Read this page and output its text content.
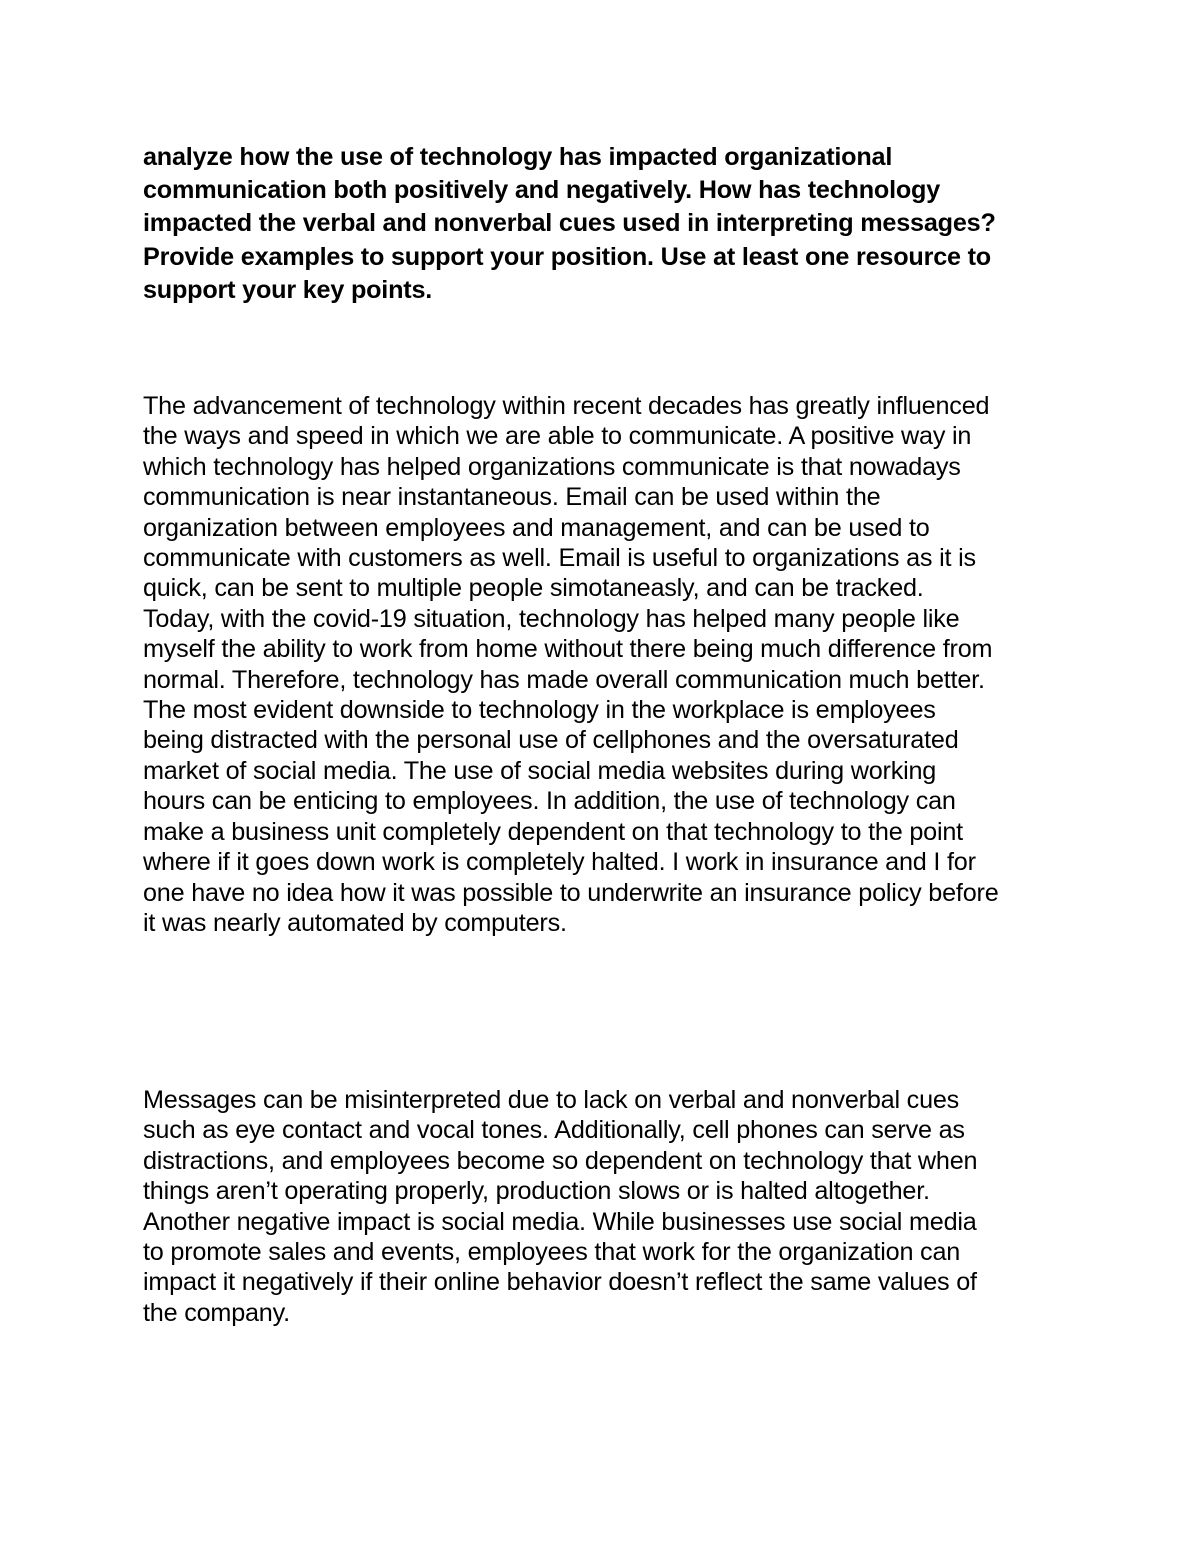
analyze how the use of technology has impacted organizational
communication both positively and negatively. How has technology
impacted the verbal and nonverbal cues used in interpreting messages?
Provide examples to support your position. Use at least one resource to
support your key points.

The advancement of technology within recent decades has greatly influenced
the ways and speed in which we are able to communicate. A positive way in
which technology has helped organizations communicate is that nowadays
communication is near instantaneous. Email can be used within the
organization between employees and management, and can be used to
communicate with customers as well. Email is useful to organizations as it is
quick, can be sent to multiple people simotaneasly, and can be tracked.
Today, with the covid-19 situation, technology has helped many people like
myself the ability to work from home without there being much difference from
normal. Therefore, technology has made overall communication much better.
The most evident downside to technology in the workplace is employees
being distracted with the personal use of cellphones and the oversaturated
market of social media. The use of social media websites during working
hours can be enticing to employees. In addition, the use of technology can
make a business unit completely dependent on that technology to the point
where if it goes down work is completely halted. I work in insurance and I for
one have no idea how it was possible to underwrite an insurance policy before
it was nearly automated by computers.

Messages can be misinterpreted due to lack on verbal and nonverbal cues
such as eye contact and vocal tones. Additionally, cell phones can serve as
distractions, and employees become so dependent on technology that when
things aren’t operating properly, production slows or is halted altogether.
Another negative impact is social media. While businesses use social media
to promote sales and events, employees that work for the organization can
impact it negatively if their online behavior doesn’t reflect the same values of
the company.
